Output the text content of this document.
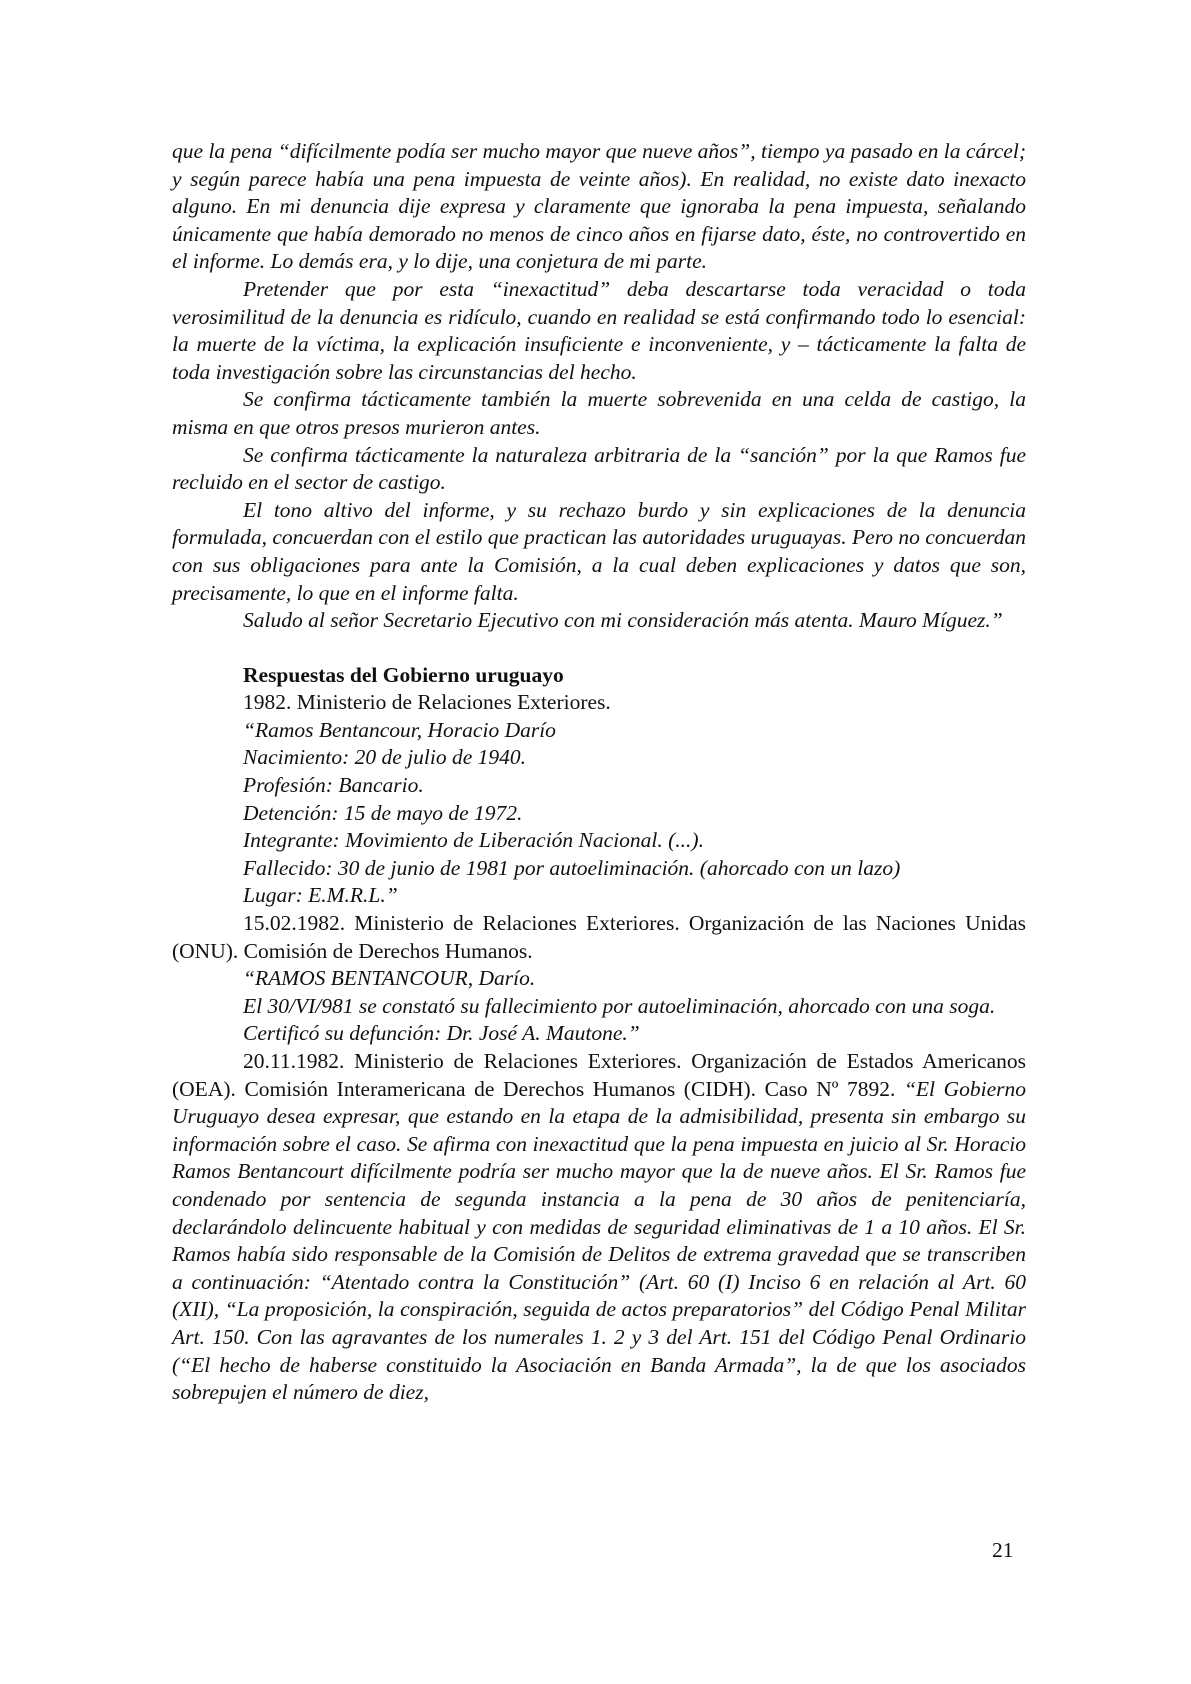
que la pena “difícilmente podía ser mucho mayor que nueve años”, tiempo ya pasado en la cárcel; y según parece había una pena impuesta de veinte años). En realidad, no existe dato inexacto alguno. En mi denuncia dije expresa y claramente que ignoraba la pena impuesta, señalando únicamente que había demorado no menos de cinco años en fijarse dato, éste, no controvertido en el informe. Lo demás era, y lo dije, una conjetura de mi parte.

Pretender que por esta “inexactitud” deba descartarse toda veracidad o toda verosimilitud de la denuncia es ridículo, cuando en realidad se está confirmando todo lo esencial: la muerte de la víctima, la explicación insuficiente e inconveniente, y – tácticamente la falta de toda investigación sobre las circunstancias del hecho.

Se confirma tácticamente también la muerte sobrevenida en una celda de castigo, la misma en que otros presos murieron antes.

Se confirma tácticamente la naturaleza arbitraria de la “sanción” por la que Ramos fue recluido en el sector de castigo.

El tono altivo del informe, y su rechazo burdo y sin explicaciones de la denuncia formulada, concuerdan con el estilo que practican las autoridades uruguayas. Pero no concuerdan con sus obligaciones para ante la Comisión, a la cual deben explicaciones y datos que son, precisamente, lo que en el informe falta.

Saludo al señor Secretario Ejecutivo con mi consideración más atenta. Mauro Míguez.”

Respuestas del Gobierno uruguayo

1982. Ministerio de Relaciones Exteriores.

“Ramos Bentancour, Horacio Darío

Nacimiento: 20 de julio de 1940.

Profesión: Bancario.

Detención: 15 de mayo de 1972.

Integrante: Movimiento de Liberación Nacional. (...).

Fallecido: 30 de junio de 1981 por autoeliminación. (ahorcado con un lazo)

Lugar: E.M.R.L.”

15.02.1982. Ministerio de Relaciones Exteriores. Organización de las Naciones Unidas (ONU). Comisión de Derechos Humanos.

“RAMOS BENTANCOUR, Darío.

El 30/VI/981 se constató su fallecimiento por autoeliminación, ahorcado con una soga.

Certificó su defunción: Dr. José A. Mautone.”

20.11.1982. Ministerio de Relaciones Exteriores. Organización de Estados Americanos (OEA). Comisión Interamericana de Derechos Humanos (CIDH). Caso Nº 7892. “El Gobierno Uruguayo desea expresar, que estando en la etapa de la admisibilidad, presenta sin embargo su información sobre el caso. Se afirma con inexactitud que la pena impuesta en juicio al Sr. Horacio Ramos Bentancourt difícilmente podría ser mucho mayor que la de nueve años. El Sr. Ramos fue condenado por sentencia de segunda instancia a la pena de 30 años de penitenciaría, declarándolo delincuente habitual y con medidas de seguridad eliminativas de 1 a 10 años. El Sr. Ramos había sido responsable de la Comisión de Delitos de extrema gravedad que se transcriben a continuación: “Atentado contra la Constitución” (Art. 60 (I) Inciso 6 en relación al Art. 60 (XII), “La proposición, la conspiración, seguida de actos preparatorios” del Código Penal Militar Art. 150. Con las agravantes de los numerales 1. 2 y 3 del Art. 151 del Código Penal Ordinario (“El hecho de haberse constituido la Asociación en Banda Armada”, la de que los asociados sobrepujen el número de diez,

21
